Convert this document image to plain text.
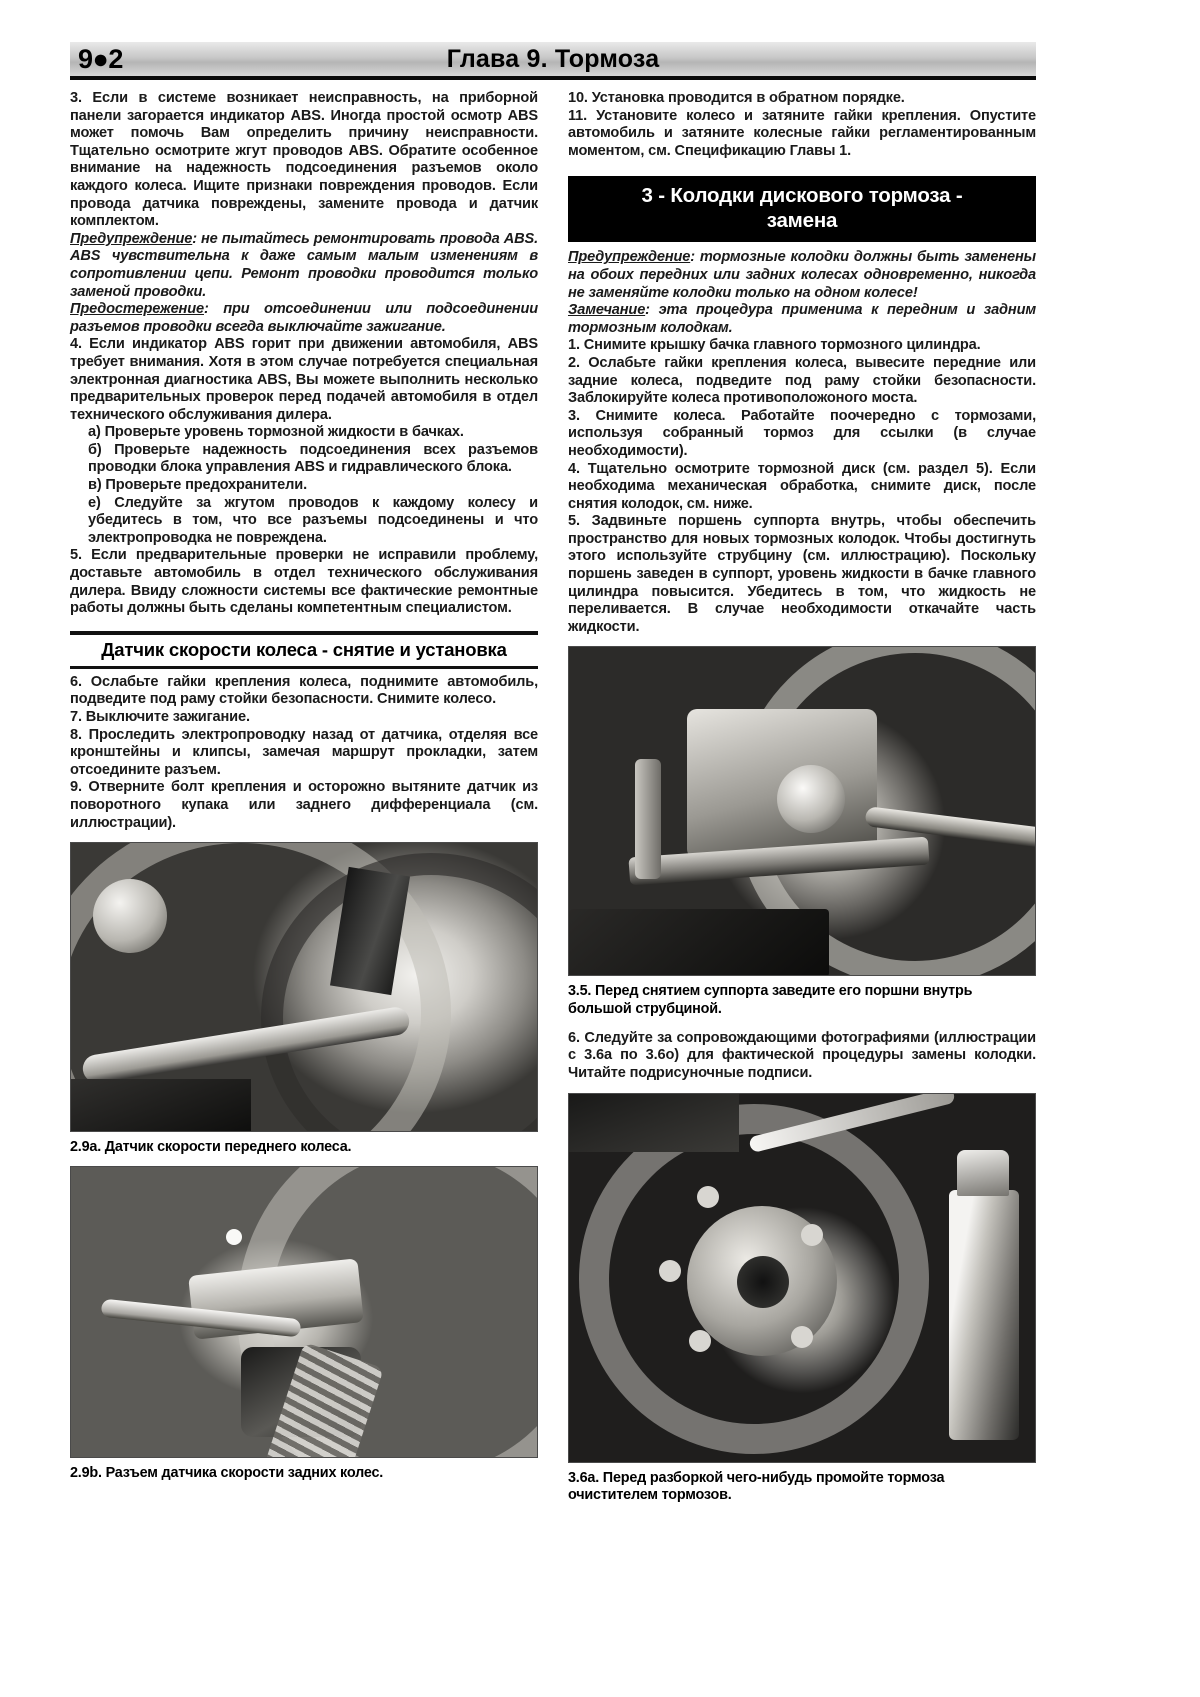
9●2	Глава 9. Тормоза

3. Если в системе возникает неисправность, на приборной панели загорается индикатор ABS. Иногда простой осмотр ABS может помочь Вам определить причину неисправности. Тщательно осмотрите жгут проводов ABS. Обратите особенное внимание на надежность подсоединения разъемов около каждого колеса. Ищите признаки повреждения проводов. Если провода датчика повреждены, замените провода и датчик комплектом.

Предупреждение: не пытайтесь ремонтировать провода ABS. ABS чувствительна к даже самым малым изменениям в сопротивлении цепи. Ремонт проводки проводится только заменой проводки.

Предостережение: при отсоединении или подсоединении разъемов проводки всегда выключайте зажигание.

4. Если индикатор ABS горит при движении автомобиля, ABS требует внимания. Хотя в этом случае потребуется специальная электронная диагностика ABS, Вы можете выполнить несколько предварительных проверок перед подачей автомобиля в отдел технического обслуживания дилера.

а) Проверьте уровень тормозной жидкости в бачках.

б) Проверьте надежность подсоединения всех разъемов проводки блока управления ABS и гидравлического блока.

в) Проверьте предохранители.

е) Следуйте за жгутом проводов к каждому колесу и убедитесь в том, что все разъемы подсоединены и что электропроводка не повреждена.

5. Если предварительные проверки не исправили проблему, доставьте автомобиль в отдел технического обслуживания дилера. Ввиду сложности системы все фактические ремонтные работы должны быть сделаны компетентным специалистом.

Датчик скорости колеса - снятие и установка

6. Ослабьте гайки крепления колеса, поднимите автомобиль, подведите под раму стойки безопасности. Снимите колесо.

7. Выключите зажигание.

8. Проследить электропроводку назад от датчика, отделяя все кронштейны и клипсы, замечая маршрут прокладки, затем отсоедините разъем.

9. Отверните болт крепления и осторожно вытяните датчик из поворотного купака или заднего дифференциала (см. иллюстрации).

2.9а. Датчик скорости переднего колеса.

2.9b. Разъем датчика скорости задних колес.

10. Установка проводится в обратном порядке.

11. Установите колесо и затяните гайки крепления. Опустите автомобиль и затяните колесные гайки регламентированным моментом, см. Спецификацию Главы 1.

3 - Колодки дискового тормоза -
замена

Предупреждение: тормозные колодки должны быть заменены на обоих передних или задних колесах одновременно, никогда не заменяйте колодки только на одном колесе!

Замечание: эта процедура применима к передним и задним тормозным колодкам.

1. Снимите крышку бачка главного тормозного цилиндра.

2. Ослабьте гайки крепления колеса, вывесите передние или задние колеса, подведите под раму стойки безопасности. Заблокируйте колеса противоположоного моста.

3. Снимите колеса. Работайте поочередно с тормозами, используя собранный тормоз для ссылки (в случае необходимости).

4. Тщательно осмотрите тормозной диск (см. раздел 5). Если необходима механическая обработка, снимите диск, после снятия колодок, см. ниже.

5. Задвиньте поршень суппорта внутрь, чтобы обеспечить пространство для новых тормозных колодок. Чтобы достигнуть этого используйте струбцину (см. иллюстрацию). Поскольку поршень заведен в суппорт, уровень жидкости в бачке главного цилиндра повысится. Убедитесь в том, что жидкость не переливается. В случае необходимости откачайте часть жидкости.

3.5. Перед снятием суппорта заведите его поршни внутрь большой струбциной.

6. Следуйте за сопровождающими фотографиями (иллюстрации с 3.6а по 3.6о) для фактической процедуры замены колодки. Читайте подрисуночные подписи.

3.6а. Перед разборкой чего-нибудь промойте тормоза очистителем тормозов.
